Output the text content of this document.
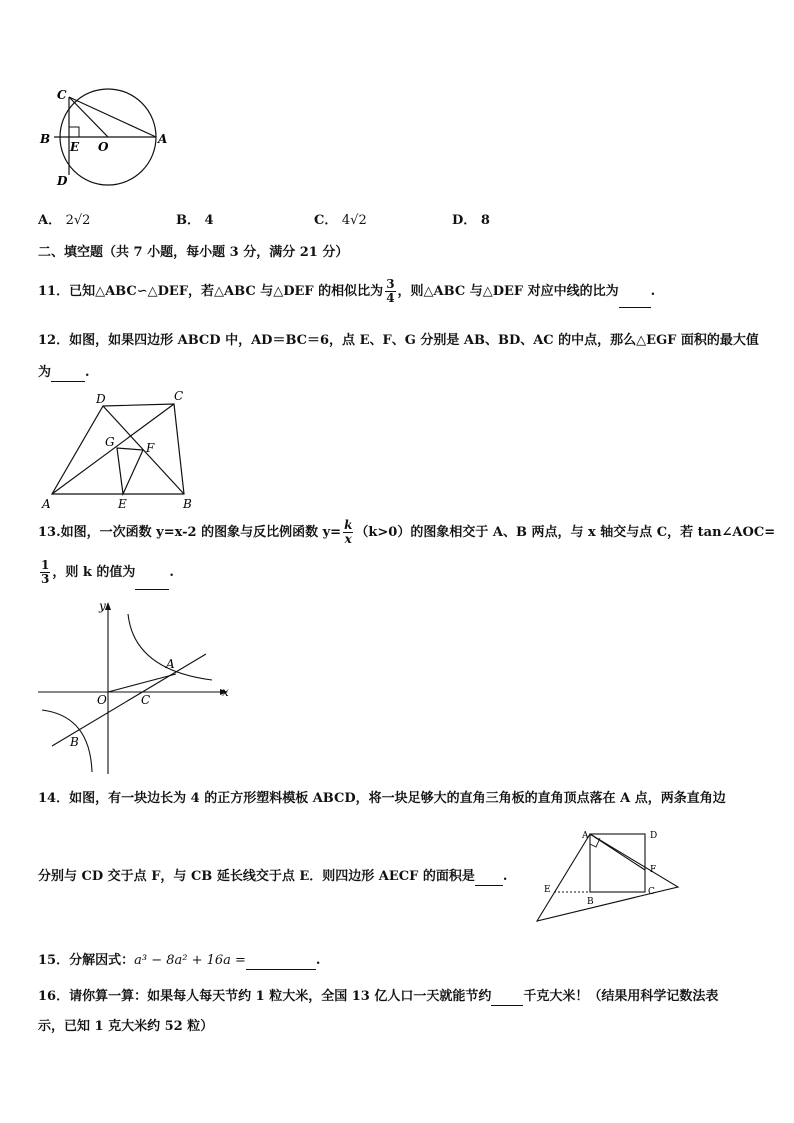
C
B
E O
A
D
A． 2√2	B． 4	C． 4√2	D． 8
二、填空题（共 7 小题，每小题 3 分，满分 21 分）
11．已知△ABC∽△DEF，若△ABC 与△DEF 的相似比为 $\frac{3}{4}$ ，则△ABC 与△DEF 对应中线的比为 .
12．如图，如果四边形 ABCD 中，AD＝BC＝6，点 E、F、G 分别是 AB、BD、AC 的中点，那么△EGF 面积的最大值
为	.
A	B
C
D
E
F
G
13.如图，一次函数 y=x-2 的图象与反比例函数 $y= \frac{k}{x} (k>0)$的图象相交于 A、B 两点，与 x 轴交与点 C，若 tan∠AOC=
$\frac{1}{3}$ ，则 k 的值为	.
y
x
O	C
A
B
14．如图，有一块边长为 4 的正方形塑料模板 ABCD，将一块足够大的直角三角板的直角顶点落在 A 点，两条直角边
分别与 CD 交于点 F，与 CB 延长线交于点 E．则四边形 AECF 的面积是 .
A	D
F
E
B
C
15．分解因式：a³ − 8a² + 16a =	.
16．请你算一算：如果每人每天节约 1 粒大米，全国 13 亿人口一天就能节约 千克大米！（结果用科学记数法表
示，已知 1 克大米约 52 粒）
